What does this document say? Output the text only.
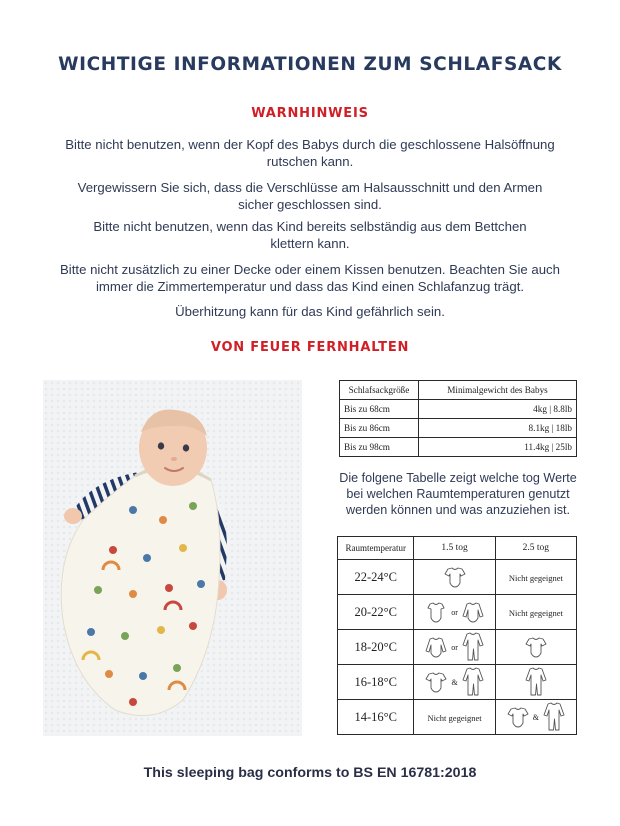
WICHTIGE INFORMATIONEN ZUM SCHLAFSACK
WARNHINWEIS
Bitte nicht benutzen, wenn der Kopf des Babys durch die geschlossene Halsöffnung rutschen kann.
Vergewissern Sie sich, dass die Verschlüsse am Halsausschnitt und den Armen sicher geschlossen sind.
Bitte nicht benutzen, wenn das Kind bereits selbständig aus dem Bettchen klettern kann.
Bitte nicht zusätzlich zu einer Decke oder einem Kissen benutzen. Beachten Sie auch immer die Zimmertemperatur und dass das Kind einen Schlafanzug trägt.
Überhitzung kann für das Kind gefährlich sein.
VON FEUER FERNHALTEN
Schlafsackgröße	Minimalgewicht des Babys
Bis zu 68cm	4kg | 8.8lb
Bis zu 86cm	8.1kg | 18lb
Bis zu 98cm	11.4kg | 25lb
Die folgene Tabelle zeigt welche tog Werte bei welchen Raumtemperaturen genutzt werden können und was anzuziehen ist.
Raumtemperatur	1.5 tog	2.5 tog
22-24°C		Nicht gegeignet
20-22°C	or	Nicht gegeignet
18-20°C	or	
16-18°C	&	
14-16°C	Nicht gegeignet	&
This sleeping bag conforms to BS EN 16781:2018
